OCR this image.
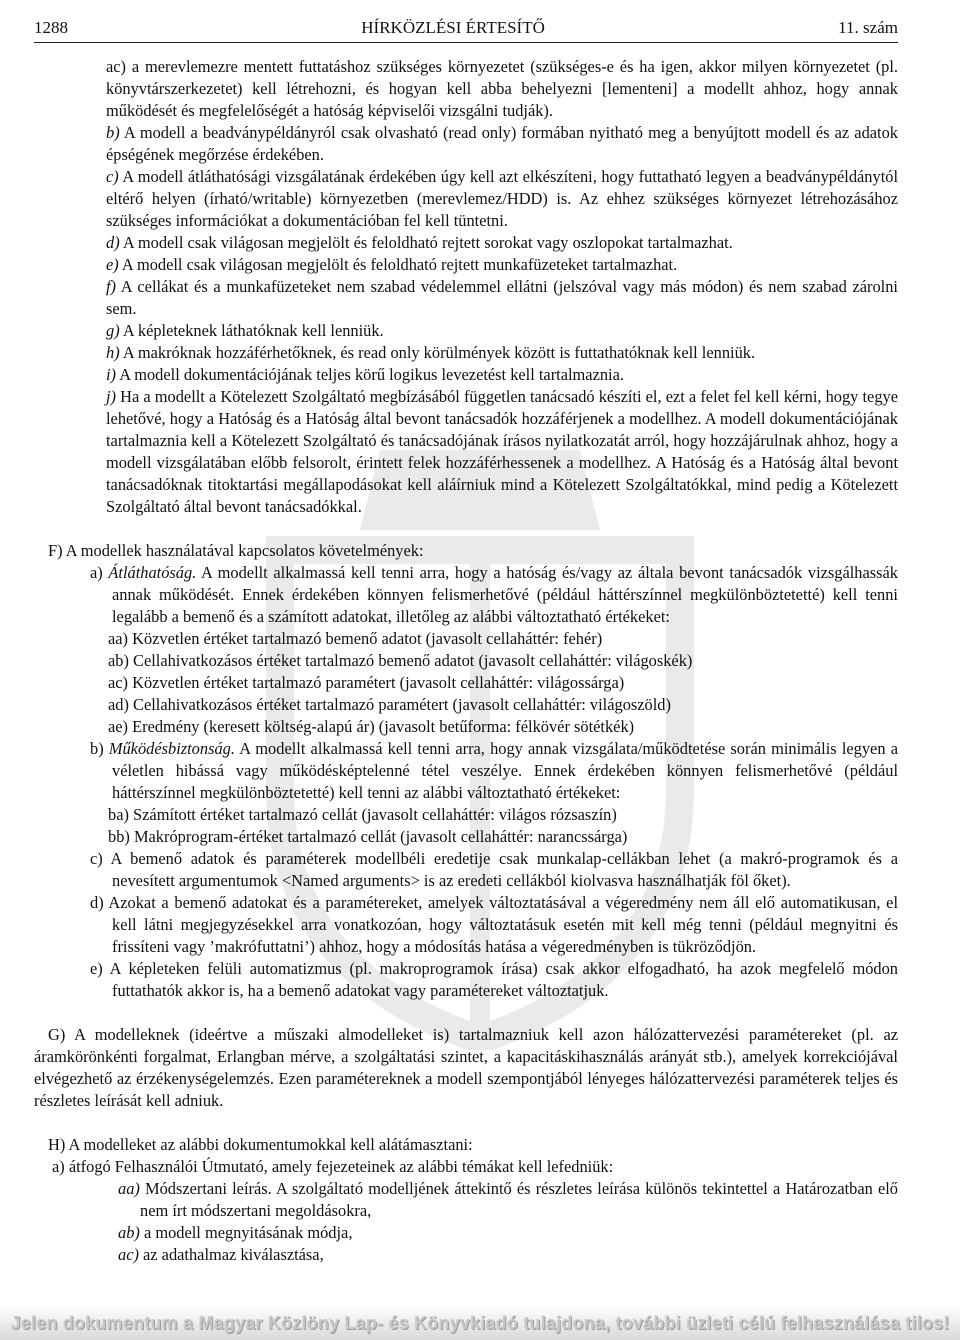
1288	HÍRKÖZLÉSI ÉRTESÍTŐ	11. szám

ac) a merevlemezre mentett futtatáshoz szükséges környezetet (szükséges-e és ha igen, akkor milyen környezetet (pl. könyvtárszerkezetet) kell létrehozni, és hogyan kell abba behelyezni [lementeni] a modellt ahhoz, hogy annak működését és megfelelőségét a hatóság képviselői vizsgálni tudják).

b) A modell a beadványpéldányról csak olvasható (read only) formában nyitható meg a benyújtott modell és az adatok épségének megőrzése érdekében.

c) A modell átláthatósági vizsgálatának érdekében úgy kell azt elkészíteni, hogy futtatható legyen a beadványpéldánytól eltérő helyen (írható/writable) környezetben (merevlemez/HDD) is. Az ehhez szükséges környezet létrehozásához szükséges információkat a dokumentációban fel kell tüntetni.

d) A modell csak világosan megjelölt és feloldható rejtett sorokat vagy oszlopokat tartalmazhat.

e) A modell csak világosan megjelölt és feloldható rejtett munkafüzeteket tartalmazhat.

f) A cellákat és a munkafüzeteket nem szabad védelemmel ellátni (jelszóval vagy más módon) és nem szabad zárolni sem.

g) A képleteknek láthatóknak kell lenniük.

h) A makróknak hozzáférhetőknek, és read only körülmények között is futtathatóknak kell lenniük.

i) A modell dokumentációjának teljes körű logikus levezetést kell tartalmaznia.

j) Ha a modellt a Kötelezett Szolgáltató megbízásából független tanácsadó készíti el, ezt a felet fel kell kérni, hogy tegye lehetővé, hogy a Hatóság és a Hatóság által bevont tanácsadók hozzáférjenek a modellhez. A modell dokumentációjának tartalmaznia kell a Kötelezett Szolgáltató és tanácsadójának írásos nyilatkozatát arról, hogy hozzájárulnak ahhoz, hogy a modell vizsgálatában előbb felsorolt, érintett felek hozzáférhessenek a modellhez. A Hatóság és a Hatóság által bevont tanácsadóknak titoktartási megállapodásokat kell aláírniuk mind a Kötelezett Szolgáltatókkal, mind pedig a Kötelezett Szolgáltató által bevont tanácsadókkal.

F) A modellek használatával kapcsolatos követelmények:

a) Átláthatóság. A modellt alkalmassá kell tenni arra, hogy a hatóság és/vagy az általa bevont tanácsadók vizsgálhassák annak működését. Ennek érdekében könnyen felismerhetővé (például háttérszínnel megkülönböztetetté) kell tenni legalább a bemenő és a számított adatokat, illetőleg az alábbi változtatható értékeket:

aa) Közvetlen értéket tartalmazó bemenő adatot (javasolt cellaháttér: fehér)

ab) Cellahivatkozásos értéket tartalmazó bemenő adatot (javasolt cellaháttér: világoskék)

ac) Közvetlen értéket tartalmazó paramétert (javasolt cellaháttér: világossárga)

ad) Cellahivatkozásos értéket tartalmazó paramétert (javasolt cellaháttér: világoszöld)

ae) Eredmény (keresett költség-alapú ár) (javasolt betűforma: félkövér sötétkék)

b) Működésbiztonság. A modellt alkalmassá kell tenni arra, hogy annak vizsgálata/működtetése során minimális legyen a véletlen hibássá vagy működésképtelenné tétel veszélye. Ennek érdekében könnyen felismerhetővé (például háttérszínnel megkülönböztetetté) kell tenni az alábbi változtatható értékeket:

ba) Számított értéket tartalmazó cellát (javasolt cellaháttér: világos rózsaszín)

bb) Makróprogram-értéket tartalmazó cellát (javasolt cellaháttér: narancssárga)

c) A bemenő adatok és paraméterek modellbéli eredetije csak munkalap-cellákban lehet (a makró-programok és a nevesített argumentumok <Named arguments> is az eredeti cellákból kiolvasva használhatják föl őket).

d) Azokat a bemenő adatokat és a paramétereket, amelyek változtatásával a végeredmény nem áll elő automatikusan, el kell látni megjegyzésekkel arra vonatkozóan, hogy változtatásuk esetén mit kell még tenni (például megnyitni és frissíteni vagy ’makrófuttatni’) ahhoz, hogy a módosítás hatása a végeredményben is tükröződjön.

e) A képleteken felüli automatizmus (pl. makroprogramok írása) csak akkor elfogadható, ha azok megfelelő módon futtathatók akkor is, ha a bemenő adatokat vagy paramétereket változtatjuk.

G) A modelleknek (ideértve a műszaki almodelleket is) tartalmazniuk kell azon hálózattervezési paramétereket (pl. az áramkörönkénti forgalmat, Erlangban mérve, a szolgáltatási szintet, a kapacitáskihasználás arányát stb.), amelyek korrekciójával elvégezhető az érzékenységelemzés. Ezen paramétereknek a modell szempontjából lényeges hálózattervezési paraméterek teljes és részletes leírását kell adniuk.

H) A modelleket az alábbi dokumentumokkal kell alátámasztani:

a) átfogó Felhasználói Útmutató, amely fejezeteinek az alábbi témákat kell lefedniük:

aa) Módszertani leírás. A szolgáltató modelljének áttekintő és részletes leírása különös tekintettel a Határozatban elő nem írt módszertani megoldásokra,

ab) a modell megnyitásának módja,

ac) az adathalmaz kiválasztása,

Jelen dokumentum a Magyar Közlöny Lap- és Könyvkiadó tulajdona, további üzleti célú felhasználása tilos!
